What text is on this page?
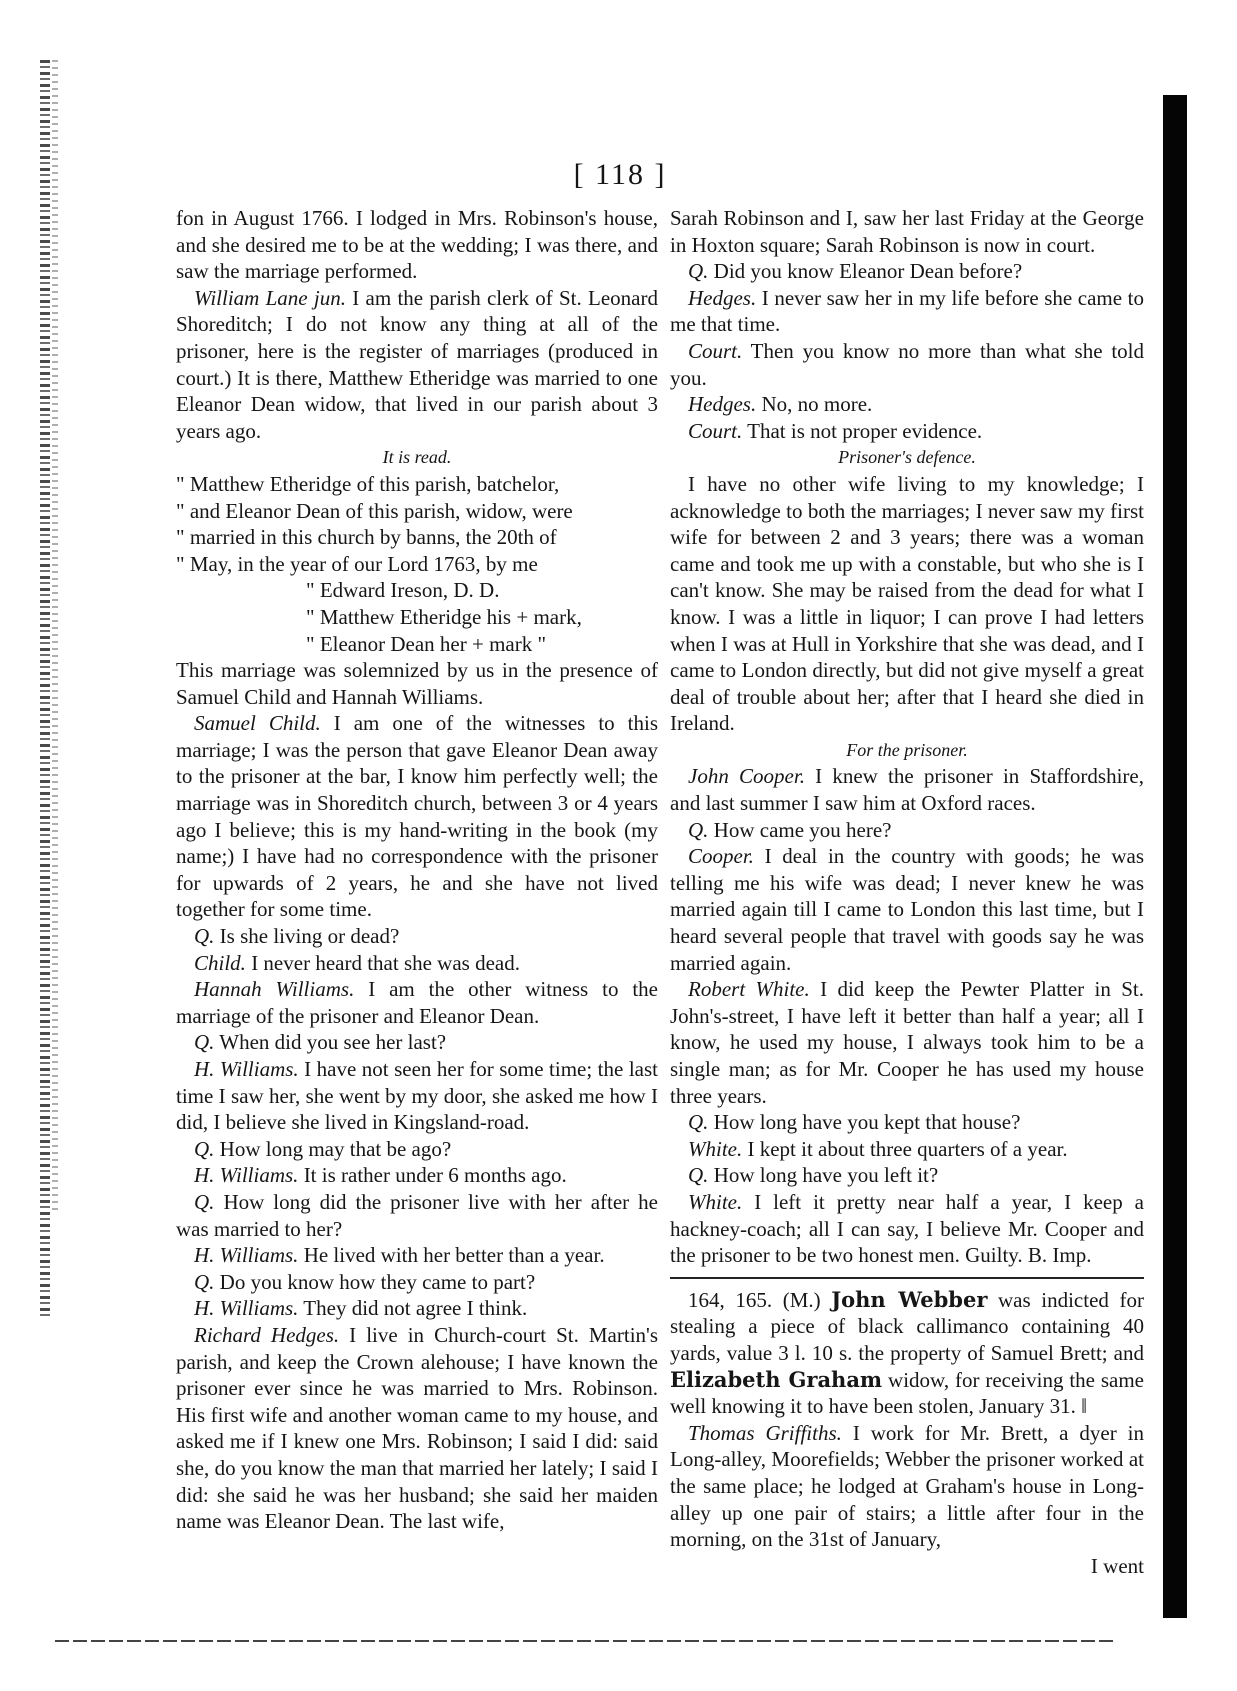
[ 118 ]

fon in August 1766. I lodged in Mrs. Robinson's house, and she desired me to be at the wedding; I was there, and saw the marriage performed.

William Lane jun. I am the parish clerk of St. Leonard Shoreditch; I do not know any thing at all of the prisoner, here is the register of marriages (produced in court.) It is there, Matthew Etheridge was married to one Eleanor Dean widow, that lived in our parish about 3 years ago.

It is read.

" Matthew Etheridge of this parish, batchelor,

" and Eleanor Dean of this parish, widow, were

" married in this church by banns, the 20th of

" May, in the year of our Lord 1763, by me

" Edward Ireson, D. D.

" Matthew Etheridge his + mark,

" Eleanor Dean her + mark "

This marriage was solemnized by us in the presence of Samuel Child and Hannah Williams.

Samuel Child. I am one of the witnesses to this marriage; I was the person that gave Eleanor Dean away to the prisoner at the bar, I know him perfectly well; the marriage was in Shoreditch church, between 3 or 4 years ago I believe; this is my hand-writing in the book (my name;) I have had no correspondence with the prisoner for upwards of 2 years, he and she have not lived together for some time.

Q. Is she living or dead?

Child. I never heard that she was dead.

Hannah Williams. I am the other witness to the marriage of the prisoner and Eleanor Dean.

Q. When did you see her last?

H. Williams. I have not seen her for some time; the last time I saw her, she went by my door, she asked me how I did, I believe she lived in Kingsland-road.

Q. How long may that be ago?

H. Williams. It is rather under 6 months ago.

Q. How long did the prisoner live with her after he was married to her?

H. Williams. He lived with her better than a year.

Q. Do you know how they came to part?

H. Williams. They did not agree I think.

Richard Hedges. I live in Church-court St. Martin's parish, and keep the Crown alehouse; I have known the prisoner ever since he was married to Mrs. Robinson. His first wife and another woman came to my house, and asked me if I knew one Mrs. Robinson; I said I did: said she, do you know the man that married her lately; I said I did: she said he was her husband; she said her maiden name was Eleanor Dean. The last wife,

Sarah Robinson and I, saw her last Friday at the George in Hoxton square; Sarah Robinson is now in court.

Q. Did you know Eleanor Dean before?

Hedges. I never saw her in my life before she came to me that time.

Court. Then you know no more than what she told you.

Hedges. No, no more.

Court. That is not proper evidence.

Prisoner's defence.

I have no other wife living to my knowledge; I acknowledge to both the marriages; I never saw my first wife for between 2 and 3 years; there was a woman came and took me up with a constable, but who she is I can't know. She may be raised from the dead for what I know. I was a little in liquor; I can prove I had letters when I was at Hull in Yorkshire that she was dead, and I came to London directly, but did not give myself a great deal of trouble about her; after that I heard she died in Ireland.

For the prisoner.

John Cooper. I knew the prisoner in Staffordshire, and last summer I saw him at Oxford races.

Q. How came you here?

Cooper. I deal in the country with goods; he was telling me his wife was dead; I never knew he was married again till I came to London this last time, but I heard several people that travel with goods say he was married again.

Robert White. I did keep the Pewter Platter in St. John's-street, I have left it better than half a year; all I know, he used my house, I always took him to be a single man; as for Mr. Cooper he has used my house three years.

Q. How long have you kept that house?

White. I kept it about three quarters of a year.

Q. How long have you left it?

White. I left it pretty near half a year, I keep a hackney-coach; all I can say, I believe Mr. Cooper and the prisoner to be two honest men. Guilty. B. Imp.

164, 165. (M.) John Webber was indicted for stealing a piece of black callimanco containing 40 yards, value 3 l. 10 s. the property of Samuel Brett; and Elizabeth Graham widow, for receiving the same well knowing it to have been stolen, January 31. ‖

Thomas Griffiths. I work for Mr. Brett, a dyer in Long-alley, Moorefields; Webber the prisoner worked at the same place; he lodged at Graham's house in Long-alley up one pair of stairs; a little after four in the morning, on the 31st of January,

I went
